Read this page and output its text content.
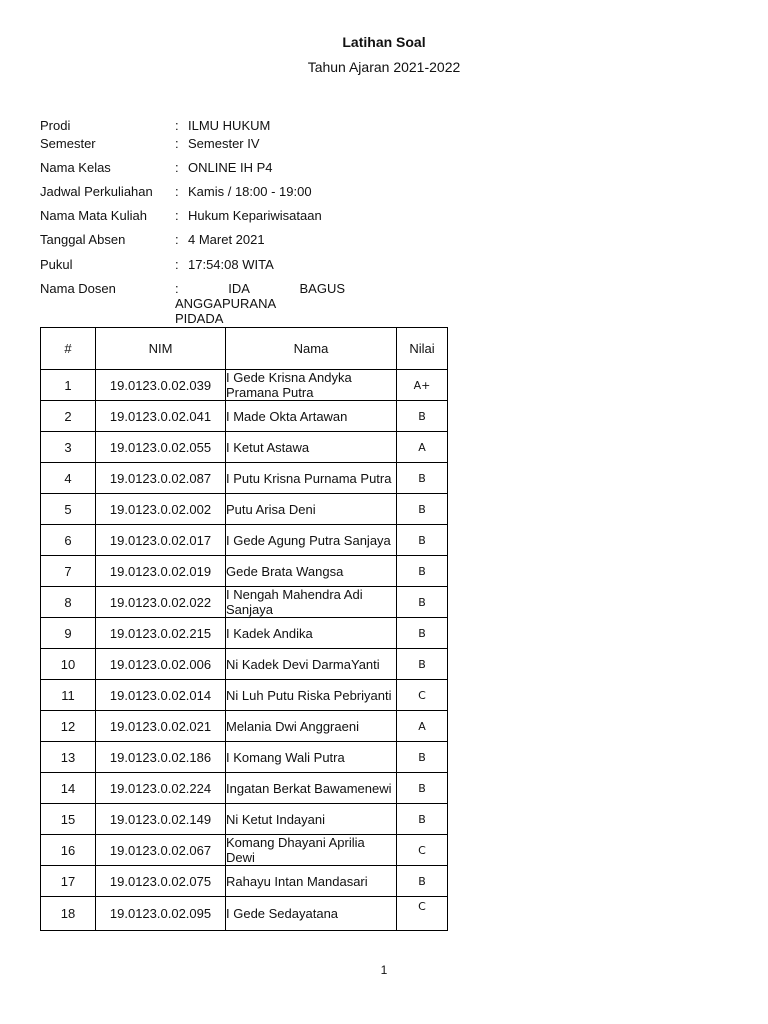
Latihan Soal
Tahun Ajaran 2021-2022
Prodi	: ILMU HUKUM
Semester	: Semester IV
Nama Kelas	: ONLINE IH P4
Jadwal Perkuliahan	: Kamis / 18:00 - 19:00
Nama Mata Kuliah	: Hukum Kepariwisataan
Tanggal Absen	: 4 Maret 2021
Pukul	: 17:54:08 WITA
Nama Dosen	:	IDA	BAGUS
ANGGAPURANA
PIDADA
#	NIM	Nama	Nilai
1	19.0123.0.02.039	I Gede Krisna Andyka Pramana Putra	A+
2	19.0123.0.02.041	I Made Okta Artawan	B
3	19.0123.0.02.055	I Ketut Astawa	A
4	19.0123.0.02.087	I Putu Krisna Purnama Putra	B
5	19.0123.0.02.002	Putu Arisa Deni	B
6	19.0123.0.02.017	I Gede Agung Putra Sanjaya	B
7	19.0123.0.02.019	Gede Brata Wangsa	B
8	19.0123.0.02.022	I Nengah Mahendra Adi Sanjaya	B
9	19.0123.0.02.215	I Kadek Andika	B
10	19.0123.0.02.006	Ni Kadek Devi DarmaYanti	B
11	19.0123.0.02.014	Ni Luh Putu Riska Pebriyanti	C
12	19.0123.0.02.021	Melania Dwi Anggraeni	A
13	19.0123.0.02.186	I Komang Wali Putra	B
14	19.0123.0.02.224	Ingatan Berkat Bawamenewi	B
15	19.0123.0.02.149	Ni Ketut Indayani	B
16	19.0123.0.02.067	Komang Dhayani Aprilia Dewi	C
17	19.0123.0.02.075	Rahayu Intan Mandasari	B
18	19.0123.0.02.095	I Gede Sedayatana	C
1
